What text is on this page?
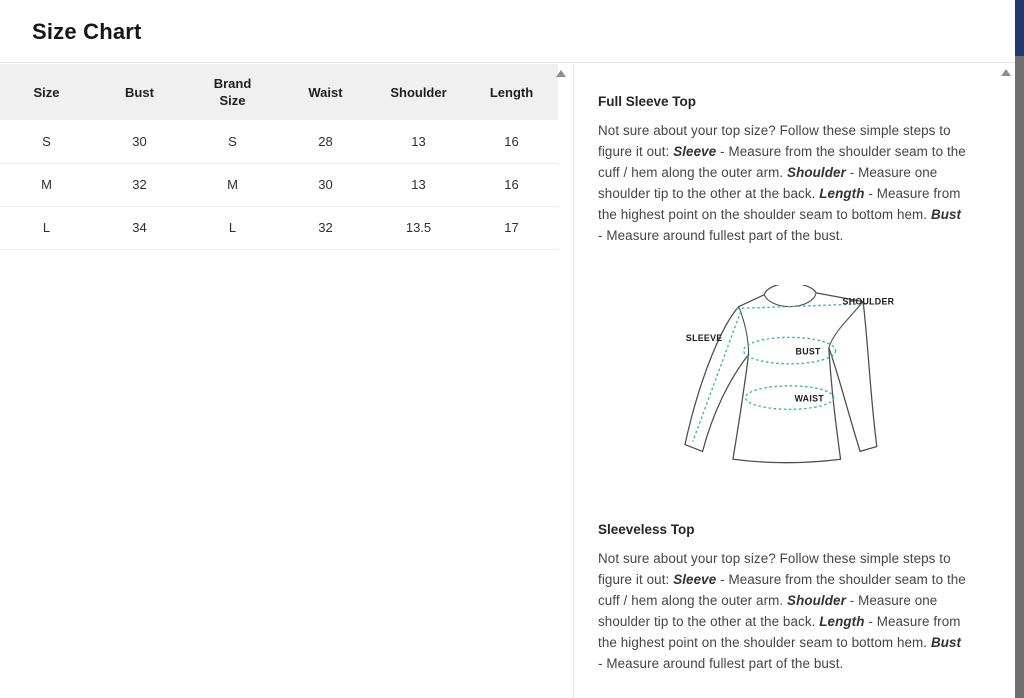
Size Chart
Size	Bust	Brand Size	Waist	Shoulder	Length
S	30	S	28	13	16
M	32	M	30	13	16
L	34	L	32	13.5	17
Full Sleeve Top

Not sure about your top size? Follow these simple steps to figure it out: Sleeve - Measure from the shoulder seam to the cuff / hem along the outer arm. Shoulder - Measure one shoulder tip to the other at the back. Length - Measure from the highest point on the shoulder seam to bottom hem. Bust - Measure around fullest part of the bust.

SLEEVE
SHOULDER
BUST
WAIST
Sleeveless Top

Not sure about your top size? Follow these simple steps to figure it out: Sleeve - Measure from the shoulder seam to the cuff / hem along the outer arm. Shoulder - Measure one shoulder tip to the other at the back. Length - Measure from the highest point on the shoulder seam to bottom hem. Bust - Measure around fullest part of the bust.
